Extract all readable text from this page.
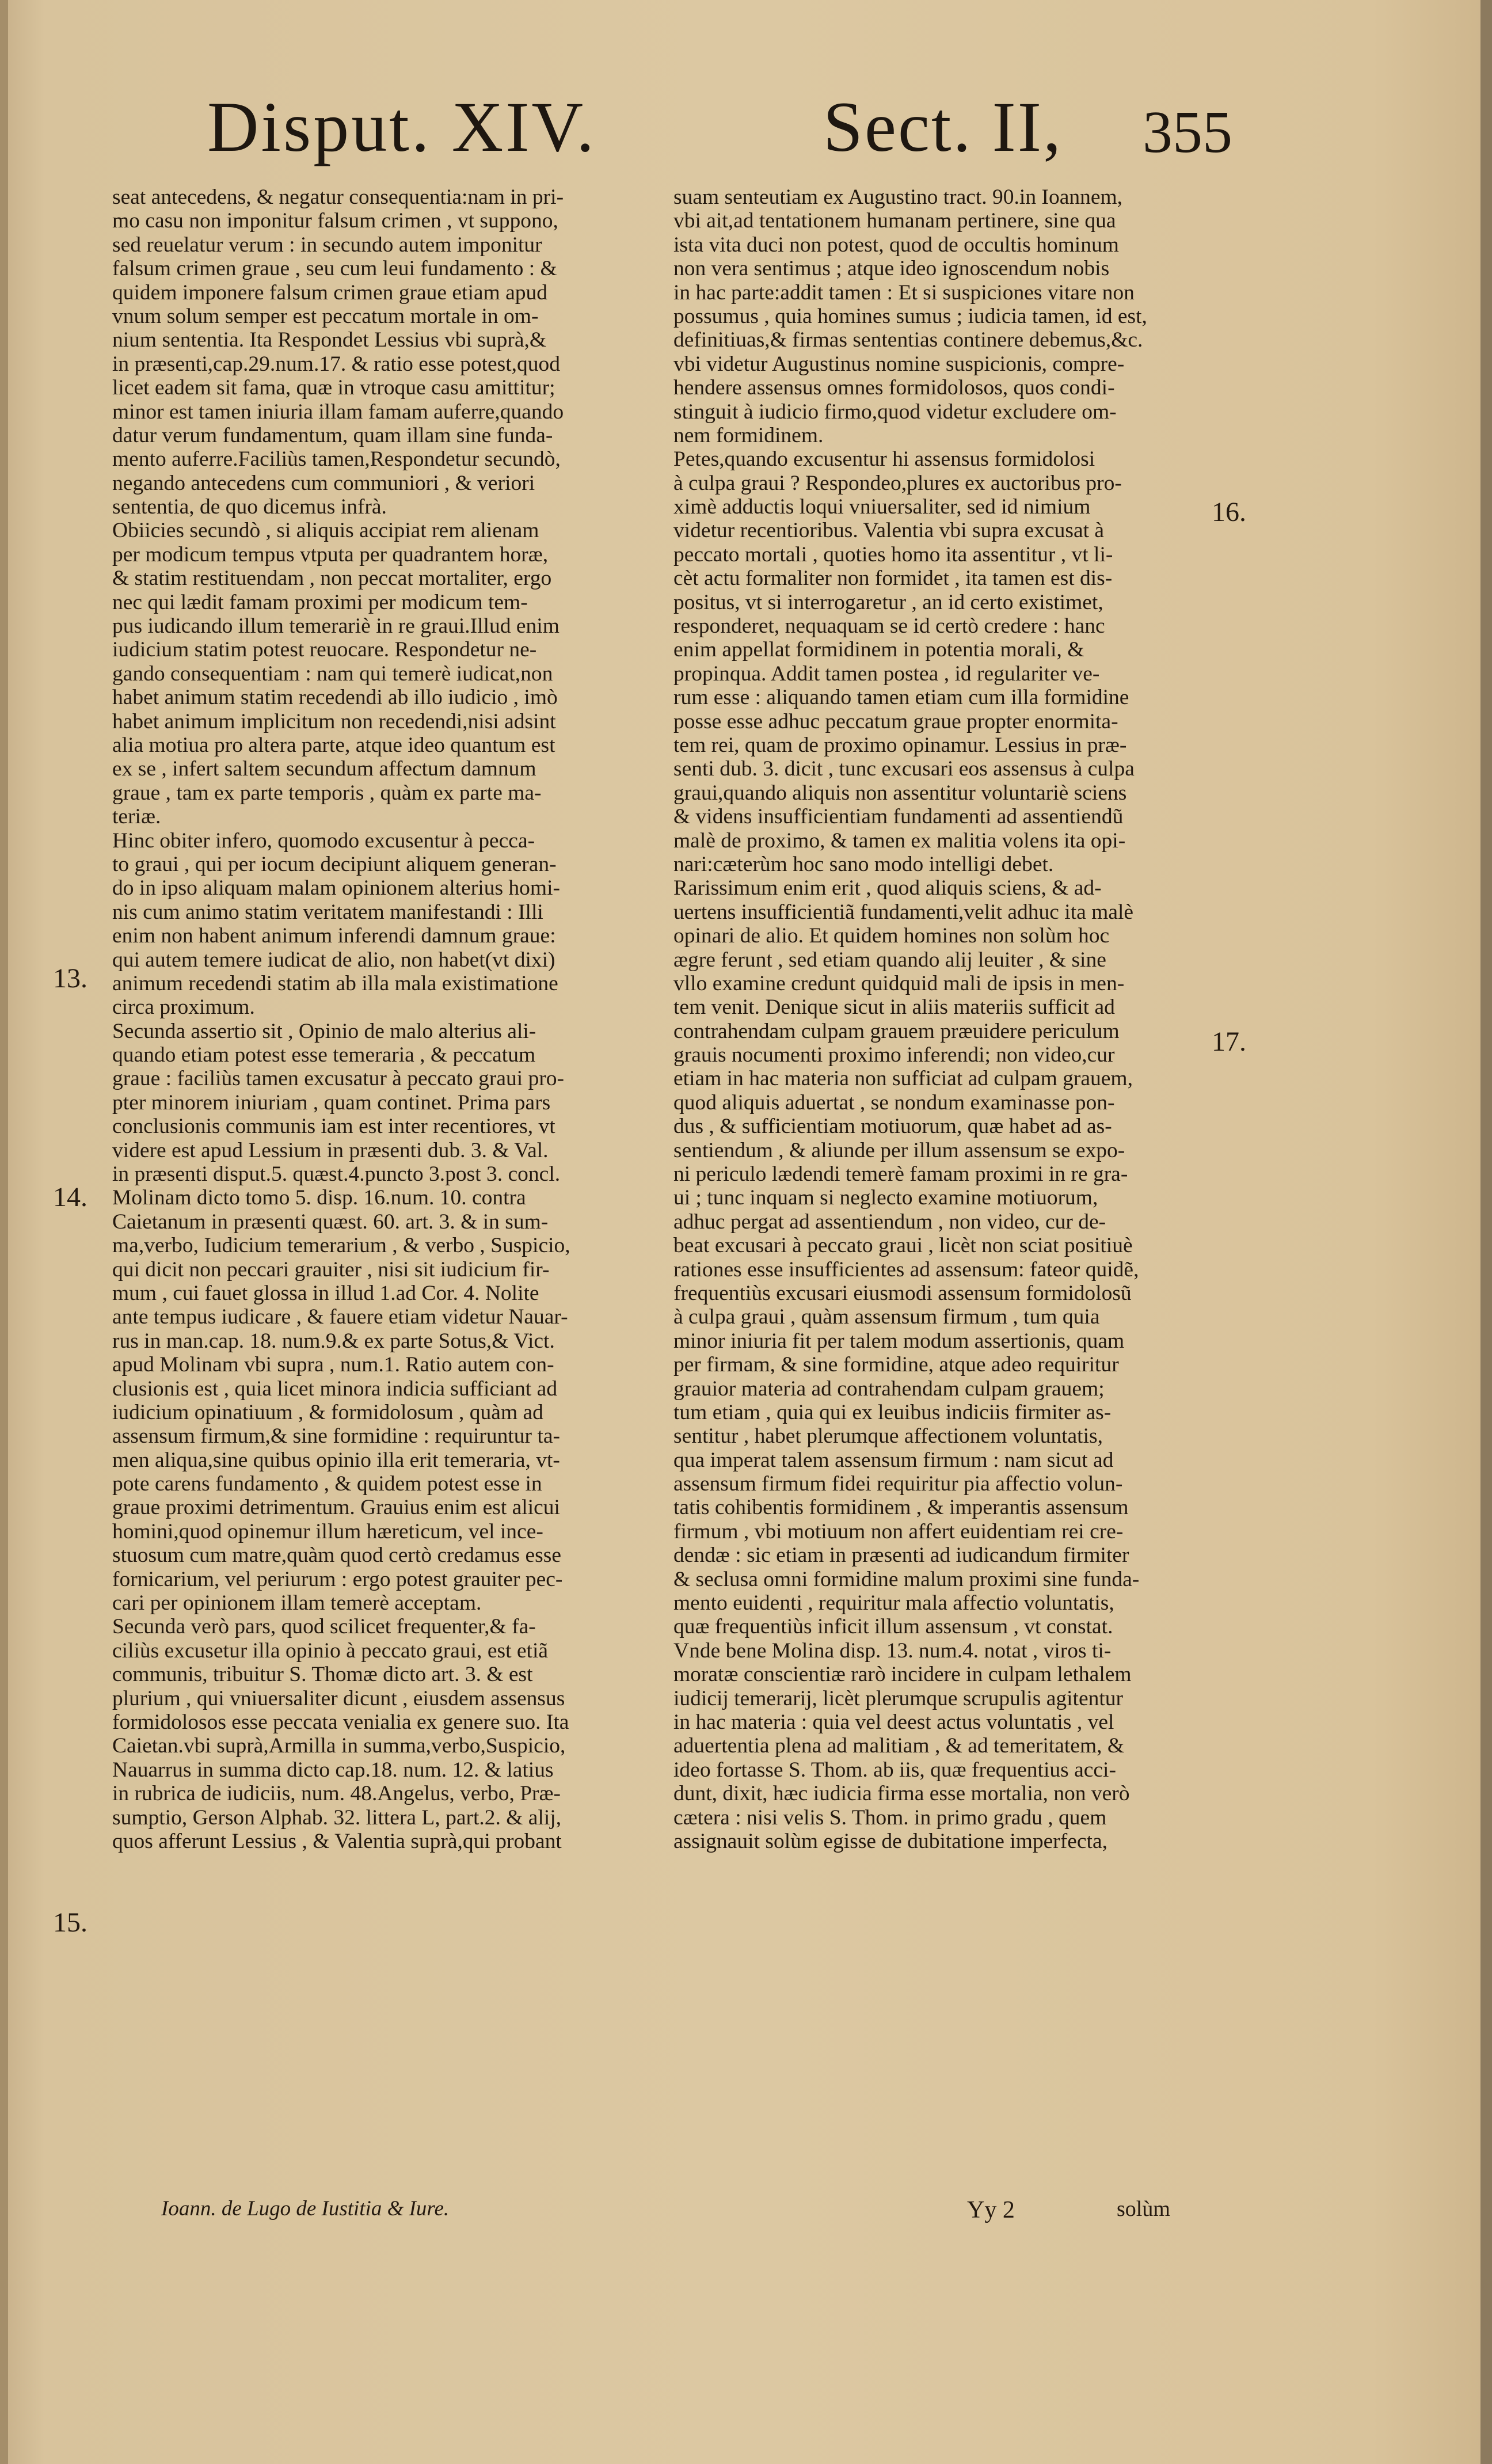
Disput. XIV.	Sect. II, 355
seat antecedens, & negatur consequentia:nam in pri-
mo casu non imponitur falsum crimen , vt suppono,
sed reuelatur verum : in secundo autem imponitur
falsum crimen graue , seu cum leui fundamento : &
quidem imponere falsum crimen graue etiam apud
vnum solum semper est peccatum mortale in om-
nium sententia. Ita Respondet Lessius vbi suprà,&
in præsenti,cap.29.num.17. & ratio esse potest,quod
licet eadem sit fama, quæ in vtroque casu amittitur;
minor est tamen iniuria illam famam auferre,quando
datur verum fundamentum, quam illam sine funda-
mento auferre.Faciliùs tamen,Respondetur secundò,
negando antecedens cum communiori , & veriori
sententia, de quo dicemus infrà.
Obiicies secundò , si aliquis accipiat rem alienam
per modicum tempus vtputa per quadrantem horæ,
& statim restituendam , non peccat mortaliter, ergo
nec qui lædit famam proximi per modicum tem-
pus iudicando illum temerariè in re graui.Illud enim
iudicium statim potest reuocare. Respondetur ne-
gando consequentiam : nam qui temerè iudicat,non
habet animum statim recedendi ab illo iudicio , imò
habet animum implicitum non recedendi,nisi adsint
alia motiua pro altera parte, atque ideo quantum est
ex se , infert saltem secundum affectum damnum
graue , tam ex parte temporis , quàm ex parte ma-
teriæ.
Hinc obiter infero, quomodo excusentur à pecca-
to graui , qui per iocum decipiunt aliquem generan-
do in ipso aliquam malam opinionem alterius homi-
nis cum animo statim veritatem manifestandi : Illi
enim non habent animum inferendi damnum graue:
qui autem temere iudicat de alio, non habet(vt dixi)
animum recedendi statim ab illa mala existimatione
circa proximum.
Secunda assertio sit , Opinio de malo alterius ali-
quando etiam potest esse temeraria , & peccatum
graue : faciliùs tamen excusatur à peccato graui pro-
pter minorem iniuriam , quam continet. Prima pars
conclusionis communis iam est inter recentiores, vt
videre est apud Lessium in præsenti dub. 3. & Val.
in præsenti disput.5. quæst.4.puncto 3.post 3. concl.
Molinam dicto tomo 5. disp. 16.num. 10. contra
Caietanum in præsenti quæst. 60. art. 3. & in sum-
ma,verbo, Iudicium temerarium , & verbo , Suspicio,
qui dicit non peccari grauiter , nisi sit iudicium fir-
mum , cui fauet glossa in illud 1.ad Cor. 4. Nolite
ante tempus iudicare , & fauere etiam videtur Nauar-
rus in man.cap. 18. num.9.& ex parte Sotus,& Vict.
apud Molinam vbi supra , num.1. Ratio autem con-
clusionis est , quia licet minora indicia sufficiant ad
iudicium opinatiuum , & formidolosum , quàm ad
assensum firmum,& sine formidine : requiruntur ta-
men aliqua,sine quibus opinio illa erit temeraria, vt-
pote carens fundamento , & quidem potest esse in
graue proximi detrimentum. Grauius enim est alicui
homini,quod opinemur illum hæreticum, vel ince-
stuosum cum matre,quàm quod certò credamus esse
fornicarium, vel periurum : ergo potest grauiter pec-
cari per opinionem illam temerè acceptam.
Secunda verò pars, quod scilicet frequenter,& fa-
ciliùs excusetur illa opinio à peccato graui, est etiã
communis, tribuitur S. Thomæ dicto art. 3. & est
plurium , qui vniuersaliter dicunt , eiusdem assensus
formidolosos esse peccata venialia ex genere suo. Ita
Caietan.vbi suprà,Armilla in summa,verbo,Suspicio,
Nauarrus in summa dicto cap.18. num. 12. & latius
in rubrica de iudiciis, num. 48.Angelus, verbo, Præ-
sumptio, Gerson Alphab. 32. littera L, part.2. & alij,
quos afferunt Lessius , & Valentia suprà,qui probant
suam senteutiam ex Augustino tract. 90.in Ioannem,
vbi ait,ad tentationem humanam pertinere, sine qua
ista vita duci non potest, quod de occultis hominum
non vera sentimus ; atque ideo ignoscendum nobis
in hac parte:addit tamen : Et si suspiciones vitare non
possumus , quia homines sumus ; iudicia tamen, id est,
definitiuas,& firmas sententias continere debemus,&c.
vbi videtur Augustinus nomine suspicionis, compre-
hendere assensus omnes formidolosos, quos condi-
stinguit à iudicio firmo,quod videtur excludere om-
nem formidinem.
Petes,quando excusentur hi assensus formidolosi
à culpa graui ? Respondeo,plures ex auctoribus pro-
ximè adductis loqui vniuersaliter, sed id nimium
videtur recentioribus. Valentia vbi supra excusat à
peccato mortali , quoties homo ita assentitur , vt li-
cèt actu formaliter non formidet , ita tamen est dis-
positus, vt si interrogaretur , an id certo existimet,
responderet, nequaquam se id certò credere : hanc
enim appellat formidinem in potentia morali, &
propinqua. Addit tamen postea , id regulariter ve-
rum esse : aliquando tamen etiam cum illa formidine
posse esse adhuc peccatum graue propter enormita-
tem rei, quam de proximo opinamur. Lessius in præ-
senti dub. 3. dicit , tunc excusari eos assensus à culpa
graui,quando aliquis non assentitur voluntariè sciens
& videns insufficientiam fundamenti ad assentiendũ
malè de proximo, & tamen ex malitia volens ita opi-
nari:cæterùm hoc sano modo intelligi debet.
Rarissimum enim erit , quod aliquis sciens, & ad-
uertens insufficientiã fundamenti,velit adhuc ita malè
opinari de alio. Et quidem homines non solùm hoc
ægre ferunt , sed etiam quando alij leuiter , & sine
vllo examine credunt quidquid mali de ipsis in men-
tem venit. Denique sicut in aliis materiis sufficit ad
contrahendam culpam grauem præuidere periculum
grauis nocumenti proximo inferendi; non video,cur
etiam in hac materia non sufficiat ad culpam grauem,
quod aliquis aduertat , se nondum examinasse pon-
dus , & sufficientiam motiuorum, quæ habet ad as-
sentiendum , & aliunde per illum assensum se expo-
ni periculo lædendi temerè famam proximi in re gra-
ui ; tunc inquam si neglecto examine motiuorum,
adhuc pergat ad assentiendum , non video, cur de-
beat excusari à peccato graui , licèt non sciat positiuè
rationes esse insufficientes ad assensum: fateor quidẽ,
frequentiùs excusari eiusmodi assensum formidolosũ
à culpa graui , quàm assensum firmum , tum quia
minor iniuria fit per talem modum assertionis, quam
per firmam, & sine formidine, atque adeo requiritur
grauior materia ad contrahendam culpam grauem;
tum etiam , quia qui ex leuibus indiciis firmiter as-
sentitur , habet plerumque affectionem voluntatis,
qua imperat talem assensum firmum : nam sicut ad
assensum firmum fidei requiritur pia affectio volun-
tatis cohibentis formidinem , & imperantis assensum
firmum , vbi motiuum non affert euidentiam rei cre-
dendæ : sic etiam in præsenti ad iudicandum firmiter
& seclusa omni formidine malum proximi sine funda-
mento euidenti , requiritur mala affectio voluntatis,
quæ frequentiùs inficit illum assensum , vt constat.
Vnde bene Molina disp. 13. num.4. notat , viros ti-
moratæ conscientiæ rarò incidere in culpam lethalem
iudicij temerarij, licèt plerumque scrupulis agitentur
in hac materia : quia vel deest actus voluntatis , vel
aduertentia plena ad malitiam , & ad temeritatem, &
ideo fortasse S. Thom. ab iis, quæ frequentius acci-
dunt, dixit, hæc iudicia firma esse mortalia, non verò
cætera : nisi velis S. Thom. in primo gradu , quem
assignauit solùm egisse de dubitatione imperfecta,
13.
14.
15.
16.
17.
Ioann. de Lugo de Iustitia & Iure.	Yy 2	solùm
